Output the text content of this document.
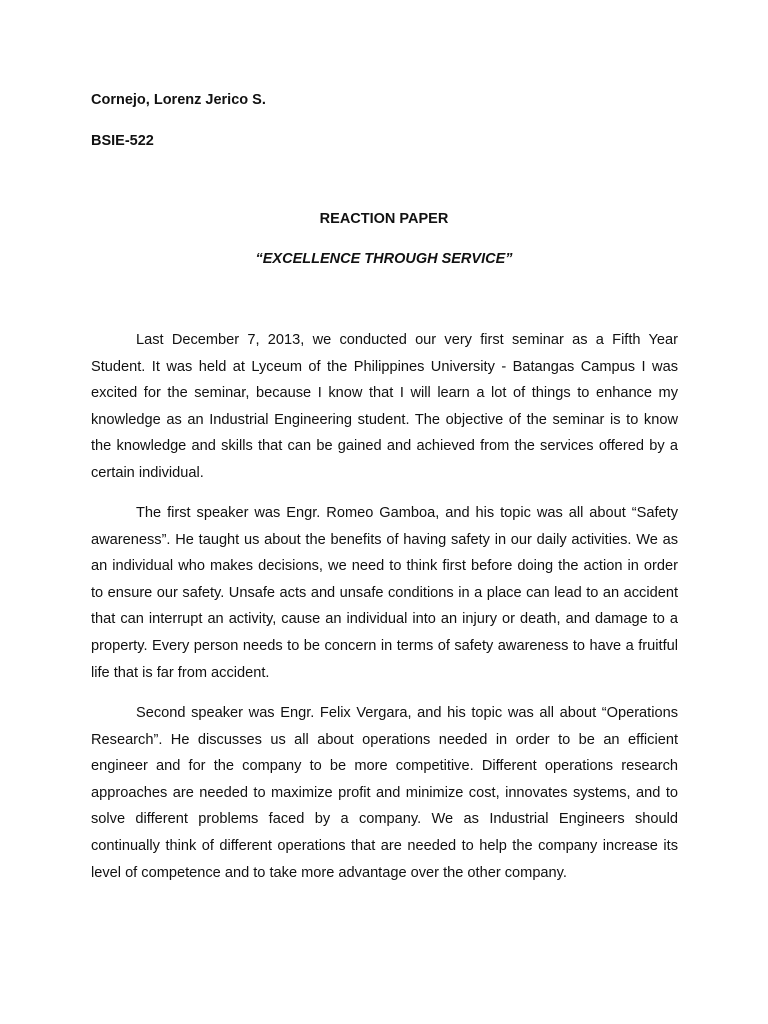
Cornejo, Lorenz Jerico S.

BSIE-522

REACTION PAPER

“EXCELLENCE THROUGH SERVICE”

Last December 7, 2013, we conducted our very first seminar as a Fifth Year Student. It was held at Lyceum of the Philippines University - Batangas Campus I was excited for the seminar, because I know that I will learn a lot of things to enhance my knowledge as an Industrial Engineering student. The objective of the seminar is to know the knowledge and skills that can be gained and achieved from the services offered by a certain individual.

The first speaker was Engr. Romeo Gamboa, and his topic was all about “Safety awareness”. He taught us about the benefits of having safety in our daily activities. We as an individual who makes decisions, we need to think first before doing the action in order to ensure our safety. Unsafe acts and unsafe conditions in a place can lead to an accident that can interrupt an activity, cause an individual into an injury or death, and damage to a property. Every person needs to be concern in terms of safety awareness to have a fruitful life that is far from accident.

Second speaker was Engr. Felix Vergara, and his topic was all about “Operations Research”. He discusses us all about operations needed in order to be an efficient engineer and for the company to be more competitive. Different operations research approaches are needed to maximize profit and minimize cost, innovates systems, and to solve different problems faced by a company. We as Industrial Engineers should continually think of different operations that are needed to help the company increase its level of competence and to take more advantage over the other company.
